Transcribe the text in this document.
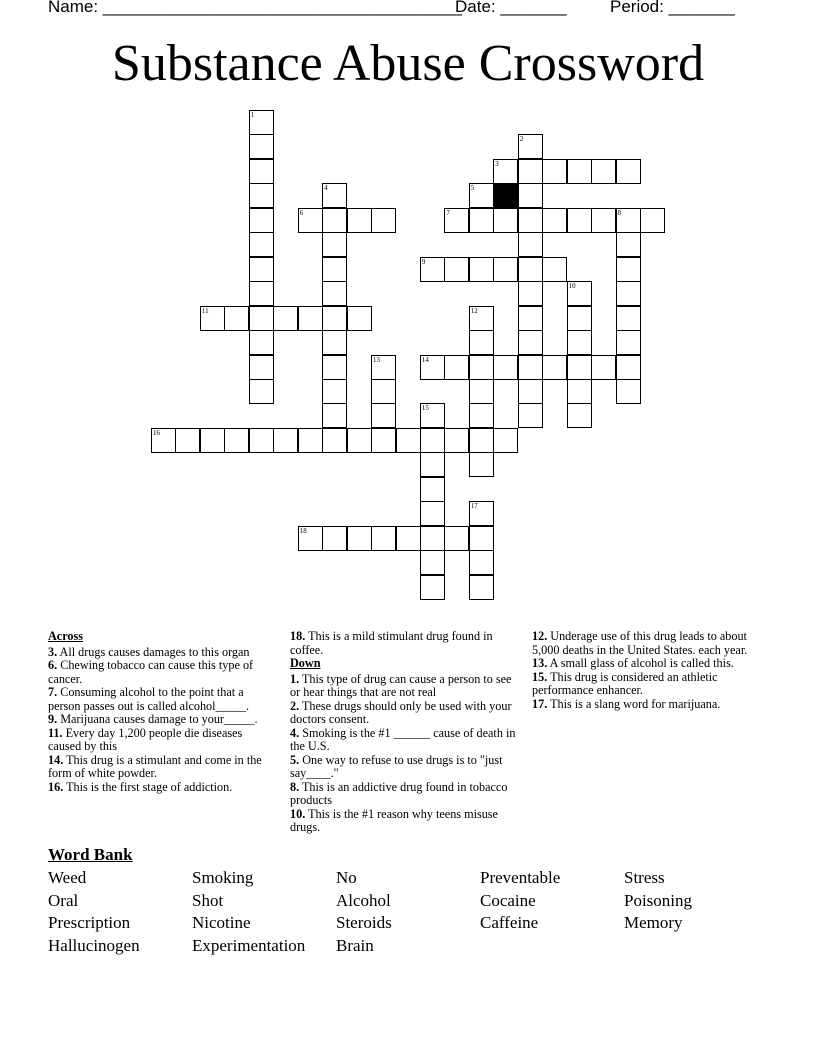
Name: ______________________________________
Date: _______	Period: _______
Substance Abuse Crossword
1
2
3
4	5
6	7	8
9
10
11	12
13	14
15
16
17
18
Across
3. All drugs causes damages to this organ
6. Chewing tobacco can cause this type of cancer.
7. Consuming alcohol to the point that a person passes out is called alcohol_____.
9. Marijuana causes damage to your_____.
11. Every day 1,200 people die diseases caused by this
14. This drug is a stimulant and come in the form of white powder.
16. This is the first stage of addiction.
18. This is a mild stimulant drug found in coffee.
Down
1. This type of drug can cause a person to see or hear things that are not real
2. These drugs should only be used with your doctors consent.
4. Smoking is the #1 ______ cause of death in the U.S.
5. One way to refuse to use drugs is to "just say____."
8. This is an addictive drug found in tobacco products
10. This is the #1 reason why teens misuse drugs.
12. Underage use of this drug leads to about 5,000 deaths in the United States. each year.
13. A small glass of alcohol is called this.
15. This drug is considered an athletic performance enhancer.
17. This is a slang word for marijuana.
Word Bank
Weed	Smoking	No	Preventable	Stress
Oral	Shot	Alcohol	Cocaine	Poisoning
Prescription	Nicotine	Steroids	Caffeine	Memory
Hallucinogen	Experimentation	Brain
